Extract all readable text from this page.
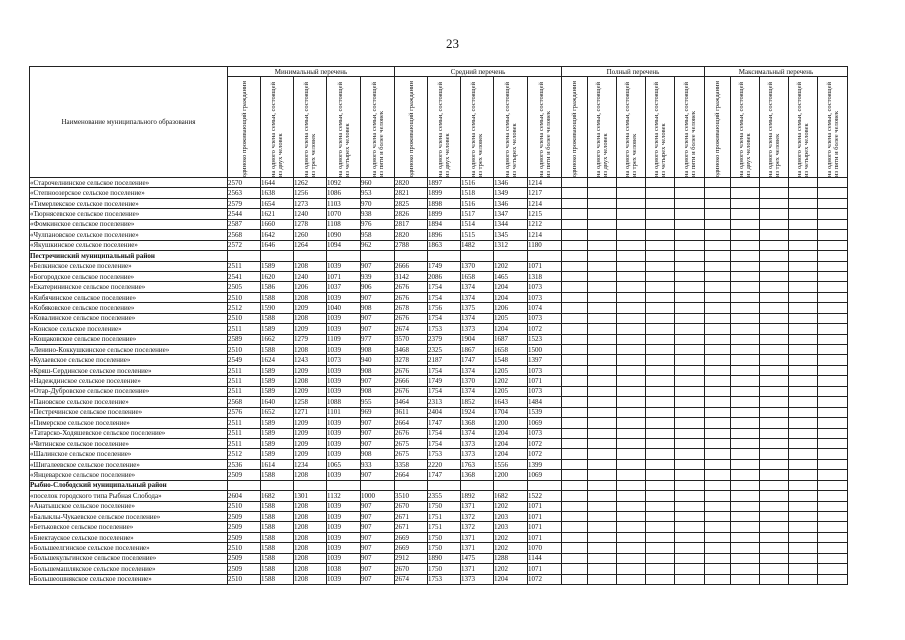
23
Наименование муниципального образования	Минимальный перечень					Средний перечень					Полный перечень					Максимальный перечень				

	одиноко проживающий гражданин	на одного члена семьи, состоящей из двух человек	на одного члена семьи, состоящей из трех человек	на одного члена семьи, состоящей из четырех человек	на одного члена семьи, состоящей из пяти и более человек	одиноко проживающий гражданин	на одного члена семьи, состоящей из двух человек	на одного члена семьи, состоящей из трех человек	на одного члена семьи, состоящей из четырех человек	на одного члена семьи, состоящей из пяти и более человек	одиноко проживающий гражданин	на одного члена семьи, состоящей из двух человек	на одного члена семьи, состоящей из трех человек	на одного члена семьи, состоящей из четырех человек	на одного члена семьи, состоящей из пяти и более человек	одиноко проживающий гражданин	на одного члена семьи, состоящей из двух человек	на одного члена семьи, состоящей из трех человек	на одного члена семьи, состоящей из четырех человек	на одного члена семьи, состоящей из пяти и более человек

«Старочелнинское сельское поселение»	2570	1644	1262	1092	960	2820	1897	1516	1346	1214										
«Степноозерское сельское поселение»	2563	1638	1256	1086	953	2821	1899	1518	1349	1217										
«Тимерлекское сельское поселение»	2579	1654	1273	1103	970	2825	1898	1516	1346	1214										
«Тюрнясевское сельское поселение»	2544	1621	1240	1070	938	2826	1899	1517	1347	1215										
«Фомкинское сельское поселение»	2587	1660	1278	1108	976	2817	1894	1514	1344	1212										
«Чулпановское сельское поселение»	2568	1642	1260	1090	958	2820	1896	1515	1345	1214										
«Якушкинское сельское поселение»	2572	1646	1264	1094	962	2788	1863	1482	1312	1180										
Пестречинский муниципальный район																				
«Белкинское сельское поселение»	2511	1589	1208	1039	907	2666	1749	1370	1202	1071										
«Богородское сельское поселение»	2541	1620	1240	1071	939	3142	2086	1658	1465	1318										
«Екатерининское сельское поселение»	2505	1586	1206	1037	906	2676	1754	1374	1204	1073										
«Кибячинское сельское поселение»	2510	1588	1208	1039	907	2676	1754	1374	1204	1073										
«Кобяковское сельское поселение»	2512	1590	1209	1040	908	2678	1756	1375	1206	1074										
«Ковалинское сельское поселение»	2510	1588	1208	1039	907	2676	1754	1374	1205	1073										
«Конское сельское поселение»	2511	1589	1209	1039	907	2674	1753	1373	1204	1072										
«Кощаковское сельское поселение»	2589	1662	1279	1109	977	3570	2379	1904	1687	1523										
«Ленино-Коккушкинское сельское поселение»	2510	1588	1208	1039	908	3468	2325	1867	1658	1500										
«Кулаевское сельское поселение»	2549	1624	1243	1073	940	3278	2187	1747	1548	1397										
«Кряш-Сердинское сельское поселение»	2511	1589	1209	1039	908	2676	1754	1374	1205	1073										
«Надеждинское сельское поселение»	2511	1589	1208	1039	907	2666	1749	1370	1202	1071										
«Отар-Дубровское сельское поселение»	2511	1589	1209	1039	908	2676	1754	1374	1205	1073										
«Пановское сельское поселение»	2568	1640	1258	1088	955	3464	2313	1852	1643	1484										
«Пестречинское сельское поселение»	2576	1652	1271	1101	969	3611	2404	1924	1704	1539										
«Пимерское сельское поселение»	2511	1589	1209	1039	907	2664	1747	1368	1200	1069										
«Татарско-Ходяшевское сельское поселение»	2511	1589	1209	1039	907	2676	1754	1374	1204	1073										
«Читинское сельское поселение»	2511	1589	1209	1039	907	2675	1754	1373	1204	1072										
«Шалинское сельское поселение»	2512	1589	1209	1039	908	2675	1753	1373	1204	1072										
«Шигалеевское сельское поселение»	2536	1614	1234	1065	933	3358	2220	1763	1556	1399										
«Янцеварское сельское поселение»	2509	1588	1208	1039	907	2664	1747	1368	1200	1069										
Рыбно-Слободский муниципальный район																				
«поселок городского типа Рыбная Слобода»	2604	1682	1301	1132	1000	3510	2355	1892	1682	1522										
«Анатышское сельское поселение»	2510	1588	1208	1039	907	2670	1750	1371	1202	1071										
«Балыклы-Чукаевское сельское поселение»	2509	1588	1208	1039	907	2671	1751	1372	1203	1071										
«Бетьковское сельское поселение»	2509	1588	1208	1039	907	2671	1751	1372	1203	1071										
«Биектауское сельское поселение»	2509	1588	1208	1039	907	2669	1750	1371	1202	1071										
«Большеелгинское сельское поселение»	2510	1588	1208	1039	907	2669	1750	1371	1202	1070										
«Большекульгинское сельское поселение»	2509	1588	1208	1039	907	2912	1890	1475	1288	1144										
«Большемашлякское сельское поселение»	2509	1588	1208	1038	907	2670	1750	1371	1202	1071										
«Большеошнякское сельское поселение»	2510	1588	1208	1039	907	2674	1753	1373	1204	1072										
